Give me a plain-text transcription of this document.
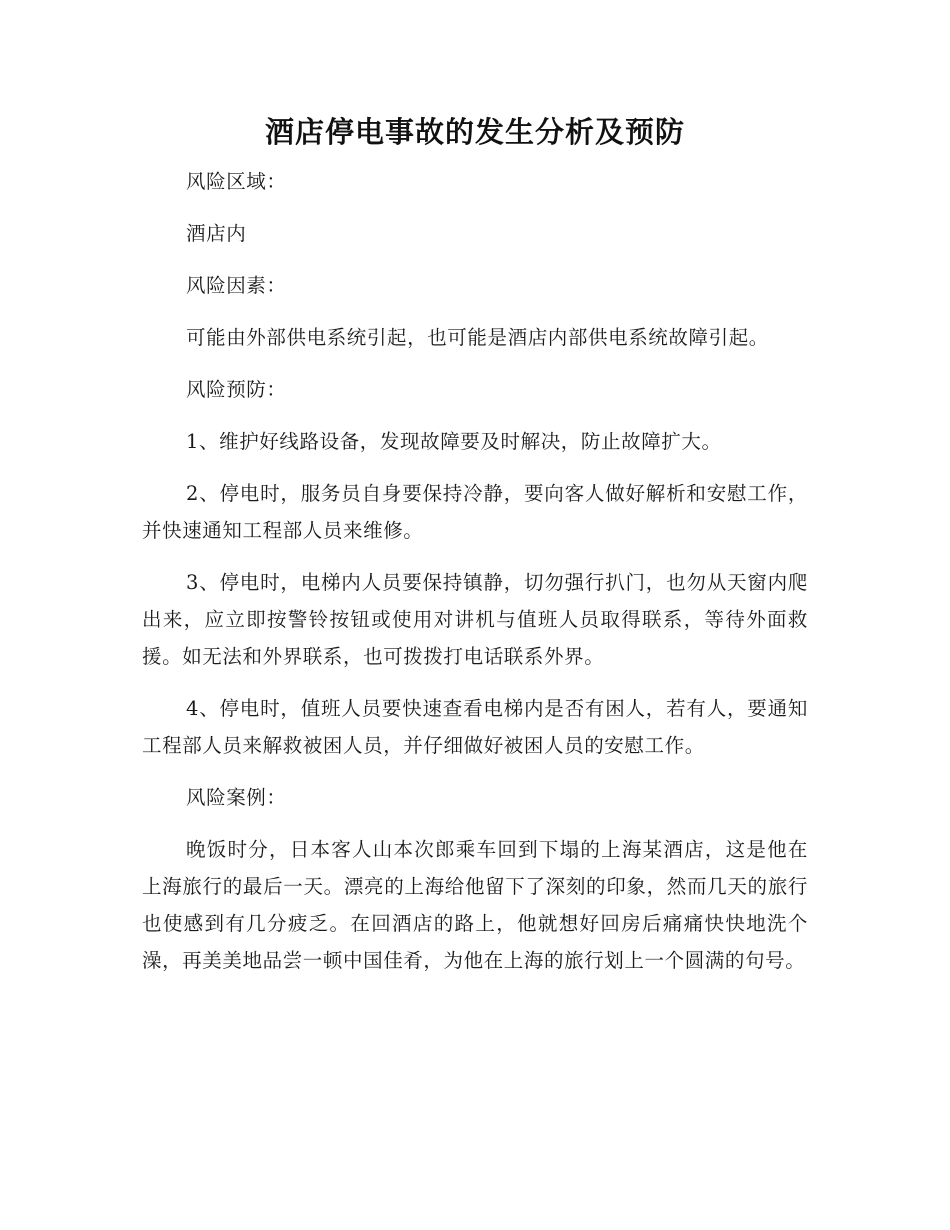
酒店停电事故的发生分析及预防

风险区域：

酒店内

风险因素：

可能由外部供电系统引起，也可能是酒店内部供电系统故障引起。

风险预防：

1、维护好线路设备，发现故障要及时解决，防止故障扩大。

2、停电时，服务员自身要保持冷静，要向客人做好解析和安慰工作，并快速通知工程部人员来维修。

3、停电时，电梯内人员要保持镇静，切勿强行扒门，也勿从天窗内爬出来，应立即按警铃按钮或使用对讲机与值班人员取得联系，等待外面救援。如无法和外界联系，也可拨拨打电话联系外界。

4、停电时，值班人员要快速查看电梯内是否有困人，若有人，要通知工程部人员来解救被困人员，并仔细做好被困人员的安慰工作。

风险案例：

晚饭时分，日本客人山本次郎乘车回到下塌的上海某酒店，这是他在上海旅行的最后一天。漂亮的上海给他留下了深刻的印象，然而几天的旅行也使感到有几分疲乏。在回酒店的路上，他就想好回房后痛痛快快地洗个澡，再美美地品尝一顿中国佳肴，为他在上海的旅行划上一个圆满的句号。
